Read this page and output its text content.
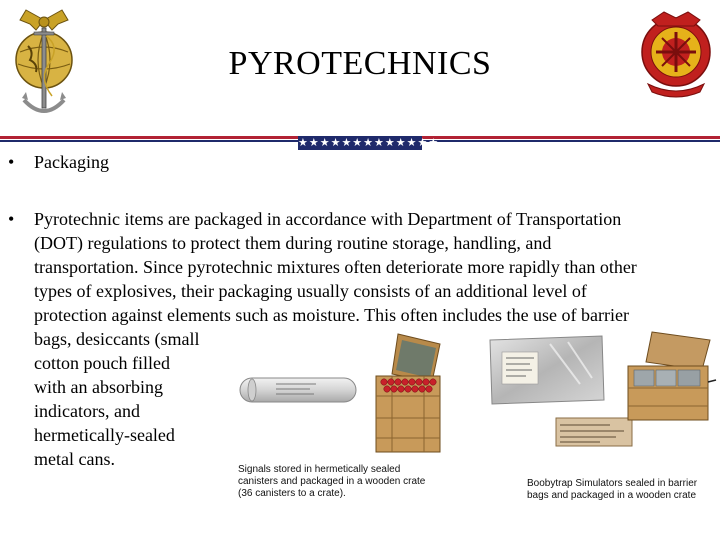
PYROTECHNICS
★★★★★★★★★★★★★
•	Packaging
•	Pyrotechnic items are packaged in accordance with Department of Transportation
(DOT) regulations to protect them during routine storage, handling, and
transportation. Since pyrotechnic mixtures often deteriorate more rapidly than other
types of explosives, their packaging usually consists of an additional level of
protection against elements such as moisture. This often includes the use of barrier
bags, desiccants (small
cotton pouch filled
with an absorbing
indicators, and
hermetically-sealed
metal cans.
Signals stored in hermetically sealed
canisters and packaged in a wooden crate
(36 canisters to a crate).
Boobytrap Simulators sealed in barrier
bags and packaged in a wooden crate
